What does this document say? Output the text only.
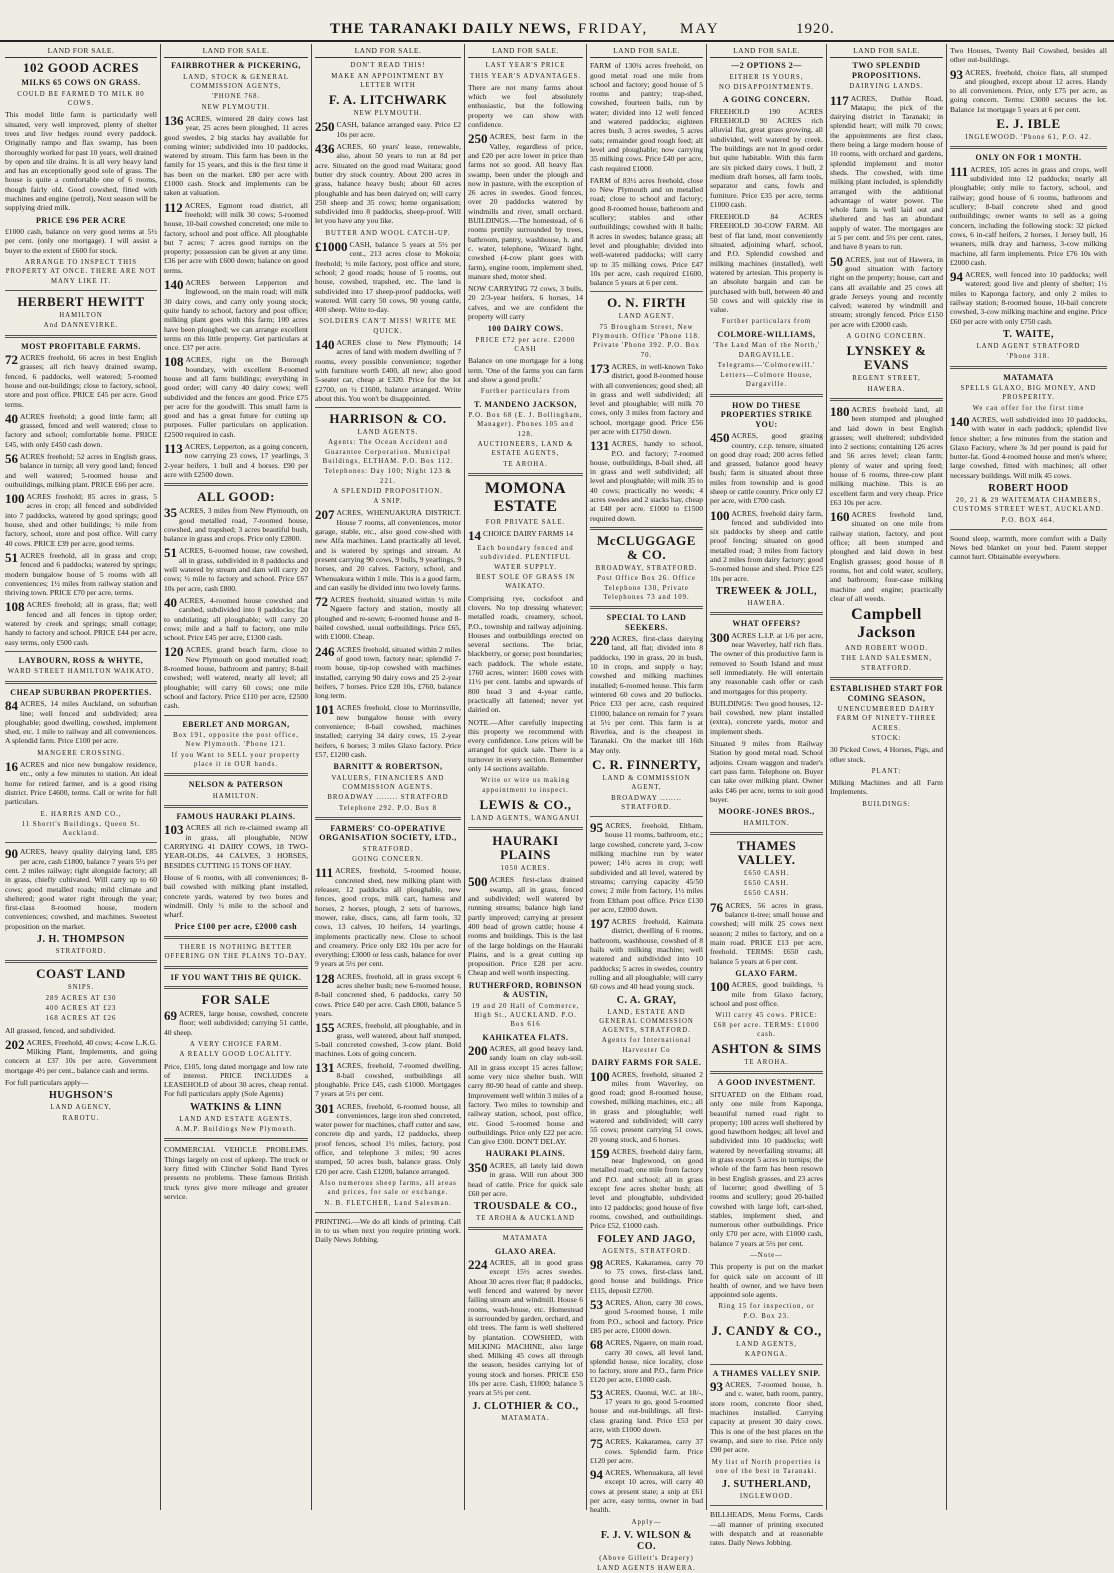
THE TARANAKI DAILY NEWS, FRIDAY, MAY	1920.
LAND FOR SALE.
102 GOOD ACRES
MILKS 65 COWS ON GRASS.
COULD BE FARMED TO MILK 80 COWS.
This model little farm is particularly well situated, very well improved, plenty of shelter trees and live hedges round every paddock. Originally rampo and flax swamp, has been thoroughly worked for past 10 years, well drained by open and tile drains. It is all very heavy land and has an exceptionally good sole of grass. The house is quite a comfortable one of 6 rooms, though fairly old. Good cowshed, fitted with machines and engine (petrol), Next season will be supplying dried milk.
PRICE £96 PER ACRE
£1000 cash, balance on very good terms at 5½ per cent. (only one mortgage). I will assist a buyer to the extent of £600 for stock.
ARRANGE TO INSPECT THIS PROPERTY AT ONCE. THERE ARE NOT MANY LIKE IT.
HERBERT HEWITT
HAMILTON
And DANNEVIRKE.
MOST PROFITABLE FARMS.
72 ACRES freehold, 66 acres in best English grasses; all rich heavy drained swamp, fenced, 6 paddocks, well watered; 5-roomed house and out-buildings; close to factory, school, store and post office. PRICE £45 per acre. Good terms.
40 ACRES freehold; a good little farm; all grassed, fenced and well watered; close to factory and school; comfortable home. PRICE £45, with only £450 cash down.
56 ACRES freehold; 52 acres in English grass, balance in turnip; all very good land; fenced and well watered; 5-roomed house and outbuildings, milking plant. PRICE £66 per acre.
100 ACRES freehold; 85 acres in grass, 5 acres in crop; all fenced and subdivided into 7 paddocks, watered by good springs; good house, shed and other buildings; ½ mile from factory, school, store and post office. Will carry 40 cows. PRICE £39 per acre, good terms.
51 ACRES freehold, all in grass and crop; fenced and 6 paddocks; watered by springs; modern bungalow house of 5 rooms with all conveniences; 1½ miles from railway station and thriving town. PRICE £70 per acre, terms.
108 ACRES freehold; all in grass, flat; well fenced and all fences in tiptop order; watered by creek and springs; small cottage; handy to factory and school. PRICE £44 per acre, easy terms, only £500 cash.
LAYBOURN, ROSS & WHYTE,
WARD STREET HAMILTON WAIKATO.
CHEAP SUBURBAN PROPERTIES.
84 ACRES, 14 miles Auckland, on suburban line; well fenced and subdivided; area ploughable; good dwelling, cowshed, implement shed, etc. 1 mile to railway and all conveniences. A splendid farm. Price £100 per acre.
MANGERE CROSSING.
16 ACRES and nice new bungalow residence, etc., only a few minutes to station. An ideal home for retired farmer, and is a good rising district. Price £4600, terms. Call or write for full particulars.
E. HARRIS AND CO.,
11 Shortt's Buildings, Queen St. Auckland.
90 ACRES, heavy quality dairying land, £85 per acre, cash £1800, balance 7 years 5½ per cent. 2 miles railway; right alongside factory; all in grass, chiefly cultivated. Will carry up to 60 cows; good metalled roads; mild climate and sheltered; good water right through the year; first-class 8-roomed house, modern conveniences; cowshed, and machines. Sweetest proposition on the market.
J. H. THOMPSON
STRATFORD.
COAST LAND
SNIPS.
289 ACRES AT £30
400 ACRES AT £23
168 ACRES AT £26
All grassed, fenced, and subdivided.
202 ACRES, Freehold, 40 cows; 4-cow L.K.G. Milking Plant, Implements, and going concern at £37 10s per acre. Government mortgage 4½ per cent., balance cash and terms.
For full particulars apply—
HUGHSON'S
LAND AGENCY,
RAROTU.
LAND FOR SALE.
FAIRBROTHER & PICKERING,
LAND, STOCK & GENERAL COMMISSION AGENTS,
'PHONE 768.
NEW PLYMOUTH.
136 ACRES, wintered 28 dairy cows last year, 25 acres been ploughed, 11 acres good swedes, 2 big stacks hay available for coming winter; subdivided into 10 paddocks, watered by stream. This farm has been in the family for 15 years, and this is the first time it has been on the market. £80 per acre with £1000 cash. Stock and implements can be taken at valuation.
112 ACRES, Egmont road district, all freehold; will milk 30 cows; 5-roomed house, 10-bail cowshed concreted; one mile to factory, school and post office. All ploughable but 7 acres; 7 acres good turnips on the property; possession can be given at any time. £36 per acre with £600 down; balance on good terms.
140 ACRES between Lepperton and Inglewood, on the main road; will milk 30 dairy cows, and carry only young stock; quite handy to school, factory and post office; milking plant goes with this farm; 100 acres have been ploughed; we can arrange excellent terms on this little property. Get particulars at once. £37 per acre.
108 ACRES, right on the Borough boundary, with excellent 8-roomed house and all farm buildings; everything in good order; will carry 40 dairy cows; well subdivided and the fences are good. Price £75 per acre for the goodwill. This small farm is good and has a great future for cutting up purposes. Fuller particulars on application. £2500 required in cash.
113 ACRES, Lepperton, as a going concern, now carrying 23 cows, 17 yearlings, 3 2-year heifers, 1 bull and 4 horses. £90 per acre with £2500 down.
ALL GOOD:
35 ACRES, 3 miles from New Plymouth, on good metalled road, 7-roomed house, cowshed, and trapshed; 3 acres beautiful bush, balance in grass and crops. Price only £2800.
51 ACRES, 6-roomed house, raw cowshed, all in grass, subdivided in 8 paddocks and well watered by stream and dam will carry 20 cows; ½ mile to factory and school. Price £67 10s per acre, cash £800.
40 ACRES, 4-roomed house cowshed and carshed, subdivided into 8 paddocks; flat to undulating; all ploughable; will carry 20 cows; mile and a half to factory, one mile school. Price £45 per acre, £1300 cash.
120 ACRES, grand beach farm, close to New Plymouth on good metalled road; 8-roomed house, bathroom and pantry; 8-bail cowshed; well watered, nearly all level; all ploughable; will carry 60 cows; one mile school and factory. Price £110 per acre, £2500 cash.
EBERLET AND MORGAN,
Box 191, opposite the post office, New Plymouth. 'Phone 121.
If you Want to SELL your property place it in OUR hands.
NELSON & PATERSON
HAMILTON.
FAMOUS HAURAKI PLAINS.
103 ACRES all rich re-claimed swamp all in grass, all ploughable, NOW CARRYING 41 DAIRY COWS, 18 TWO-YEAR-OLDS, 44 CALVES, 3 HORSES, BESIDES CUTTING 15 TONS OF HAY.
House of 6 rooms, with all conveniences; 8-bail cowshed with milking plant installed, concrete yards, watered by two bores and windmill. Only ½ mile to the school and wharf.
Price £100 per acre, £2000 cash
THERE IS NOTHING BETTER OFFERING ON THE PLAINS TO-DAY.
IF YOU WANT THIS BE QUICK.
FOR SALE
69 ACRES, large house, cowshed, concrete floor; well subdivided; carrying 51 cattle, 40 sheep.
A VERY CHOICE FARM.
A REALLY GOOD LOCALITY.
Price, £105, long dated mortgage and low rate of interest. PRICE INCLUDES a LEASEHOLD of about 30 acres, cheap rental. For full particulars apply (Sole Agents)
WATKINS & LINN
LAND AND ESTATE AGENTS.
A.M.P. Buildings New Plymouth.
COMMERCIAL VEHICLE PROBLEMS. Things largely on cost of upkeep. The truck or lorry fitted with Clincher Solid Band Tyres presents no problems. These famous British truck tyres give more mileage and greater service.
LAND FOR SALE.
DON'T READ THIS!
MAKE AN APPOINTMENT BY LETTER WITH
F. A. LITCHWARK
NEW PLYMOUTH.
250 CASH, balance arranged easy. Price £2 10s per acre.
436 ACRES, 60 years' lease, renewable, also, about 50 years to run at 8d per acre. Situated on the good road Waitara; good butter dry stock country. About 200 acres in grass, balance heavy bush; about 60 acres ploughable and has been dairyed on; will carry 250 sheep and 35 cows; home organisation; subdivided into 8 paddocks, sheep-proof. Will let you have any you like.
BUTTER AND WOOL CATCH-UP.
£1000 CASH, balance 5 years at 5½ per cent., 213 acres close to Mokoia; freehold; ½ mile factory, post office and store, school; 2 good roads; house of 5 rooms, out house, cowshed, trapshed, etc. The land is subdivided into 17 sheep-proof paddocks, well watered. Will carry 50 cows, 90 young cattle, 400 sheep. Write to-day.
SOLDIERS CAN'T MISS! WRITE ME QUICK.
140 ACRES close to New Plymouth; 14 acres of land with modern dwelling of 7 rooms, every possible convenience; together with furniture worth £400, all new; also good 5-seater car, cheap at £320. Price for the lot £2700, on ½ £1600, balance arranged. Write about this. You won't be disappointed.
HARRISON & CO.
LAND AGENTS.
Agents: The Ocean Accident and Guarantee Corporation. Municipal Buildings, ELTHAM. P.O. Box 112.
Telephones: Day 100; Night 123 & 221.
A SPLENDID PROPOSITION.
A SNIP.
207 ACRES, WHENUAKURA DISTRICT. House 7 rooms, all conveniences, motor garage, stable, etc., also good cow-shed with new Alfa machines. Land practically all level, and is watered by springs and stream. At present carrying 90 cows, 9 bulls, 9 yearlings, 9 horses, and 20 calves. Factory, school, and Whenuakura within 1 mile. This is a good farm, and can easily be divided into two lovely farms.
72 ACRES freehold, situated within ½ mile Ngaere factory and station, mostly all ploughed and re-sown; 6-roomed house and 8-bailed cowshed, usual outbuildings. Price £65, with £1000. Cheap.
246 ACRES freehold, situated within 2 miles of good town, factory near; splendid 7-room house, tip-top cowshed with machines installed, carrying 90 dairy cows and 25 2-year heifers, 7 horses. Price £28 10s, £760, balance long term.
101 ACRES freehold, close to Morrinsville, new bungalow house with every convenience; 8-bail cowshed, machines installed; carrying 34 dairy cows, 15 2-year heifers, 6 horses; 3 miles Glaxo factory. Price £57, £1200 cash.
BARNITT & ROBERTSON,
VALUERS, FINANCIERS AND COMMISSION AGENTS.
BROADWAY ........ STRATFORD
Telephone 292. P.O. Box 8
FARMERS' CO-OPERATIVE ORGANISATION SOCIETY, LTD.,
STRATFORD.
GOING CONCERN.
111 ACRES, freehold, 5-roomed house, concreted shed, new milking plant with releaser, 12 paddocks all ploughable, new fences, good crops, milk cart, harness and horses, 2 horses, plough, 2 sets of harrows, mower, rake, discs, cans, all farm tools, 32 cows, 13 calves, 10 heifers, 14 yearlings, implements practically new. Close to school and creamery. Price only £82 10s per acre for everything; £3000 or less cash, balance for over 9 years at 5½ per cent.
128 ACRES, freehold, all in grass except 6 acres shelter bush; new 6-roomed house, 8-bail concreted shed, 6 paddocks, carry 50 cows. Price £40 per acre. Cash £800, balance 5 years.
155 ACRES, freehold, all ploughable, and in grass, well watered, about half stumped, 5-bail concreted cowshed, 3-cow plant. Bold machines. Lots of going concern.
131 ACRES, freehold, 7-roomed dwelling, 8-bail cowshed, outbuildings all ploughable. Price £45, cash £1000. Mortgages 7 years at 5½ per cent.
301 ACRES, freehold, 6-roomed house, all conveniences, large iron shed concreted, water power for machines, chaff cutter and saw, concrete dip and yards, 12 paddocks, sheep proof fences, school 1½ miles, factory, post office, and telephone 3 miles; 90 acres stumped, 50 acres bush, balance grass. Only £20 per acre. Cash £1200, balance arranged.
Also numerous sheep farms, all areas and prices, for sale or exchange.
N. B. FLETCHER, Land Salesman.
PRINTING.—We do all kinds of printing. Call in to us when next you require printing work. Daily News Jobbing.
LAND FOR SALE.
LAST YEAR'S PRICE
THIS YEAR'S ADVANTAGES.
There are not many farms about which we feel absolutely enthusiastic, but the following property we can show with confidence.
250 ACRES, best farm in the Valley, regardless of price, and £20 per acre lower in price than farms not so good. All heavy flax swamp, been under the plough and now in pasture, with the exception of 26 acres in swedes. Good fences, over 20 paddocks watered by windmills and river, small orchard. BUILDINGS.—The homestead, of 6 rooms prettily surrounded by trees, bathroom, pantry, washhouse, h. and c. water, telephone, 'Wizard' light, cowshed (4-cow plant goes with farm), engine room, implement shed, manure shed, motor shed.
NOW CARRYING 72 cows, 3 bulls, 20 2/3-year heifers, 6 horses, 14 calves, and we are confident the property will carry
100 DAIRY COWS.
PRICE £72 per acre. £2000 CASH
Balance on one mortgage for a long term. 'One of the farms you can farm and show a good profit.'
Further particulars from
T. MANDENO JACKSON,
P.O. Box 68 (E. J. Bollingham, Manager). Phones 105 and 128.
AUCTIONEERS, LAND & ESTATE AGENTS,
TE AROHA.
MOMONA ESTATE
FOR PRIVATE SALE.
14 CHOICE DAIRY FARMS 14
Each boundary fenced and subdivided. PLENTIFUL WATER SUPPLY.
BEST SOLE OF GRASS IN WAIKATO.
Comprising rye, cocksfoot and clovers. No top dressing whatever; metalled roads, creamery, school, P.O., township and railway adjoining. Houses and outbuildings erected on several sections. The briar, blackberry, or gorse; post boundaries; each paddock. The whole estate, 1760 acres, winter: 1600 cows with 11½ per cent. lambs and upwards of 800 head 3 and 4-year cattle, practically all fattened; never yet dairied on.
NOTE.—After carefully inspecting this property we recommend with every confidence. Low prices will be arranged for quick sale. There is a turnover in every section. Remember only 14 sections available.
Write or wire us making appointment to inspect.
LEWIS & CO.,
LAND AGENTS, WANGANUI
HAURAKI PLAINS
1050 ACRES.
500 ACRES first-class drained swamp, all in grass, fenced and subdivided; well watered by running streams; balance high land partly improved; carrying at present 400 head of grown cattle; house 4 rooms and buildings. This is the last of the large holdings on the Hauraki Plains, and is a great cutting up proposition. Price £28 per acre. Cheap and well worth inspecting.
RUTHERFORD, ROBINSON & AUSTIN,
19 and 20 Hall of Commerce, High St., AUCKLAND. P.O. Box 616
KAHIKATEA FLATS.
200 ACRES, all good heavy land, sandy loam on clay sub-soil. All in grass except 15 acres fallow; some very nice shelter bush. Will carry 80-90 head of cattle and sheep. Improvement well within 3 miles of a factory. Two miles to township and railway station, school, post office, etc. Good 5-roomed house and outbuildings. Price only £22 per acre. Can give £300. DON'T DELAY.
HAURAKI PLAINS.
350 ACRES, all lately laid down in grass. Will run about 300 head of cattle. Price for quick sale £60 per acre.
TROUSDALE & CO.,
TE AROHA & AUCKLAND
MATAMATA
GLAXO AREA.
224 ACRES, all in good grass except 15½ acres swedes. About 30 acres river flat; 8 paddocks, well fenced and watered by never failing stream and windmill. House 6 rooms, wash-house, etc. Homestead is surrounded by garden, orchard, and old trees. The farm is well sheltered by plantation. COWSHED, with MILKING MACHINE, also large shed. Milking 45 cows all through the season, besides carrying lot of young stock and horses. PRICE £50 10s per acre. Cash, £1000; balance 5 years at 5½ per cent.
J. CLOTHIER & CO.,
MATAMATA.
LAND FOR SALE.
FARM of 130¼ acres freehold, on good metal road one mile from school and factory; good house of 5 rooms and pantry; trap-shed, cowshed, fourteen bails, run by water; divided into 12 well fenced and watered paddocks; eighteen acres bush, 3 acres swedes, 5 acres oats; remainder good rough feed; all level and ploughable; now carrying 35 milking cows. Price £40 per acre, cash required £1000.
FARM of 83½ acres freehold, close to New Plymouth and on metalled road; close to school and factory; good 8-roomed house, bathroom and scullery; stables and other outbuildings; cowshed with 8 bails; 8 acres in swedes; balance grass; all level and ploughable; divided into well-watered paddocks; will carry up to 35 milking cows. Price £47 10s per acre, cash required £1600, balance 5 years at 6 per cent.
O. N. FIRTH
LAND AGENT.
75 Brougham Street, New Plymouth. Office 'Phone 118. Private 'Phone 392. P.O. Box 70.
173 ACRES, in well-known Toko district, good 8-roomed house with all conveniences; good shed; all in grass and well subdivided; all level and ploughable; will milk 70 cows, only 3 miles from factory and school, mortgage good. Price £56 per acre with £1750 down.
131 ACRES, handy to school, P.O. and factory; 7-roomed house, outbuildings, 8-bail shed, all in grass and well subdivided; all level and ploughable; will milk 35 to 40 cows; practically no weeds; 4 acres swedes and 2 stacks hay, cheap at £48 per acre. £1000 to £1500 required down.
McCLUGGAGE & CO.
BROADWAY, STRATFORD.
Post Office Box 26. Office Telephone 130, Private Telephones 73 and 109.
SPECIAL TO LAND SEEKERS.
220 ACRES, first-class dairying land, all flat; divided into 8 paddocks, 190 in grass, 20 in bush, 10 in crops, and supply o hay; cowshed and milking machines installed; 6-roomed house. This farm wintered 60 cows and 20 bullocks. Price £33 per acre, cash required £1000, balance on remain for 7 years at 5½ per cent. This farm is at Riverlea, and is the cheapest in Taranaki. On the market till 16th May only.
C. R. FINNERTY,
LAND & COMMISSION AGENT,
BROADWAY ........ STRATFORD.
95 ACRES, freehold, Eltham, house 11 rooms, bathroom, etc.; large cowshed, concrete yard, 3-cow milking machine run by water power; 14½ acres in crop; well subdivided and all level, watered by streams; carrying capacity 45/50 cows; 2 mile from factory, 1½ miles from Eltham post office. Price £130 per acre, £2000 down.
197 ACRES freehold, Kaimata district, dwelling of 6 rooms, bathroom, washhouse, cowshed of 8 bails with milking machine; well watered and subdivided into 10 paddocks; 5 acres in swedes, country rolling and all ploughable; will carry 60 cows and 40 head young stock.
C. A. GRAY,
LAND, ESTATE AND GENERAL COMMISSION AGENTS, STRATFORD.
Agents for International Harvester Co
DAIRY FARMS FOR SALE.
100 ACRES, freehold, situated 2 miles from Waverley, on good road; good 8-roomed house, cowshed, milking machines, etc.; all in grass and ploughable; well watered and subdivided; will carry 55 cows; present carrying 51 cows, 20 young stock, and 6 horses.
159 ACRES, freehold dairy farm, near Inglewood, on good metalled road; one mile from factory and P.O. and school; all in grass except few acres shelter bush; all level and ploughable, subdivided into 12 paddocks; good house of five rooms, cowshed, and outbuildings. Price £52, £1000 cash.
FOLEY AND JAGO,
AGENTS, STRATFORD.
98 ACRES, Kakaramea, carry 70 to 75 cows, first-class land, good house and buildings. Price £115, deposit £2700.
53 ACRES, Alton, carry 30 cows, good 5-roomed house, 1 mile from P.O., school and factory. Price £85 per acre, £1000 down.
68 ACRES, Ngaere, on main road, carry 30 cows, all level land, splendid house, nice locality, close to factory, store and P.O., farm Price £120 per acre, £1000 cash.
53 ACRES, Oaonui, W.C. at 18/-, 17 years to go, good 5-roomed house and out-buildings, all first-class grazing land. Price £53 per acre, with £1000 down.
75 ACRES, Kakaramea, carry 37 cows. Splendid farm. Price £120 per acre.
94 ACRES, Whenuakura, all level except 10 acres, will carry 40 cows at present state; a snip at £61 per acre, easy terms, owner in bad health.
Apply—
F. J. V. WILSON & CO.
(Above Gillett's Drapery)
LAND AGENTS HAWERA.
LAND FOR SALE.
—2 OPTIONS 2—
EITHER IS YOURS,
NO DISAPPOINTMENTS.
A GOING CONCERN.
FREEHOLD 190 ACRES FREEHOLD 90 ACRES rich alluvial flat, great grass growing, all subdivided, well watered by creek. The buildings are not in good order but quite habitable. With this farm are six picked dairy cows, 1 bull, 2 medium draft horses, all farm tools, separator and cans, fowls and furniture. Price £35 per acre, terms £1000 cash.
FREEHOLD 84 ACRES FREEHOLD 30-COW FARM. All best of flat land, most conveniently situated, adjoining wharf, school, and P.O. Splendid cowshed and milking machines (installed), well watered by artesian. This property is an absolute bargain and can be purchased with bull, between 40 and 50 cows and will quickly rise in value.
Further particulars from
COLMORE-WILLIAMS,
'The Land Man of the North,' DARGAVILLE.
Telegrams—'Colmorewill.'
Letters—Colmore House, Dargaville.
HOW DO THESE PROPERTIES STRIKE YOU:
450 ACRES, good grazing country, c.r.p. tenure, situated on good dray road; 200 acres felled and grassed, balance good heavy bush; farm is situated about three miles from township and is good sheep or cattle country. Price only £2 per acre, with £700 cash.
100 ACRES, freehold dairy farm, fenced and subdivided into six paddocks by sheep and cattle proof fencing; situated on good metalled road; 3 miles from factory and 2 miles from dairy factory; good 5-roomed house and shed. Price £25 10s per acre.
TREWEEK & JOLL,
HAWERA.
WHAT OFFERS?
300 ACRES L.I.P. at 1/6 per acre, near Waverley, half rich flats. The owner of this productive farm is removed to South Island and must sell immediately. He will entertain any reasonable cash offer or cash and mortgages for this property.
BUILDINGS: Two good houses, 12-bail cowshed, new plant installed (extra), concrete yards, motor and implement sheds.
Situated 9 miles from Railway Station by good metal road. School adjoins. Cream waggon and trader's cart pass farm. Telephone on. Buyer can take over milking plant. Owner asks £46 per acre, terms to suit good buyer.
MOORE-JONES BROS.,
HAMILTON.
THAMES VALLEY.
£650 CASH.
£650 CASH.
£650 CASH.
76 ACRES, 56 acres in grass, balance ti-tree; small house and cowshed; will milk 25 cows next season; 2 miles to factory, and on a main road. PRICE £13 per acre, freehold. TERMS: £650 cash, balance 5 years at 6 per cent.
GLAXO FARM.
100 ACRES, good buildings, ½ mile from Glaxo factory, school and post office.
Will carry 45 cows. PRICE: £68 per acre. TERMS: £1000 cash.
ASHTON & SIMS
TE AROHA.
A GOOD INVESTMENT.
SITUATED on the Eltham road, only one mile from Kaponga, beautiful turned road right to property; 100 acres well sheltered by good hawthorn hedges; all level and subdivided into 10 paddocks; well watered by neverfailing streams; all in grass except 5 acres in turnips; the whole of the farm has been resown in best English grasses, and 23 acres of lucerne; good dwelling of 5 rooms and scullery; good 20-bailed cowshed with large loft, cart-shed, stables, implement shed, and numerous other outbuildings. Price only £70 per acre, with £1000 cash, balance 7 years at 5½ per cent.
—Note—
This property is put on the market for quick sale on account of ill health of owner, and we have been appointed sole agents.
Ring 15 for inspection, or P.O. Box 23.
J. CANDY & CO.,
LAND AGENTS,
KAPONGA.
A THAMES VALLEY SNIP.
93 ACRES, 7-roomed house, h. and c. water, bath room, pantry, store room, concrete floor shed, machines installed. Carrying capacity at present 30 dairy cows. This is one of the best places on the swamp, and sure to rise. Price only £90 per acre.
My list of North properties is one of the best in Taranaki.
J. SUTHERLAND,
INGLEWOOD.
BILLHEADS, Menu Forms, Cards—all manner of printing executed with despatch and at reasonable rates. Daily News Jobbing.
LAND FOR SALE.
TWO SPLENDID PROPOSITIONS.
DAIRYING LANDS.
117 ACRES, Duthie Road, Matapu; the pick of the dairying district in Taranaki; in splendid heart; will milk 70 cows; the appointments are first class, there being a large modern house of 10 rooms, with orchard and gardens, splendid implement and motor sheds. The cowshed, with time milking plant included, is splendidly arranged with the additional advantage of water power. The whole farm is well laid out and sheltered and has an abundant supply of water. The mortgages are at 5 per cent. and 5½ per cent. rates, and have 8 years to run.
50 ACRES, just out of Hawera, in good situation with factory right on the property; house, cart and cans all available and 25 cows all grade Jerseys young and recently calved; watered by windmill and stream; strongly fenced. Price £150 per acre with £2000 cash.
A GOING CONCERN.
LYNSKEY & EVANS
REGENT STREET,
HAWERA.
180 ACRES freehold land, all been stumped and ploughed and laid down in best English grasses; well sheltered; subdivided into 2 sections; containing 126 acres and 56 acres level; clean farm; plenty of water and spring feed; house of 6 rooms, three-cow plant milking machine. This is an excellent farm and very cheap. Price £63 10s per acre.
160 ACRES freehold land, situated on one mile from railway station, factory, and post office; all been stumped and ploughed and laid down in best English grasses; good house of 8 rooms, hot and cold water, scullery, and bathroom; four-case milking machine and engine; practically clear of all weeds.
Campbell Jackson
AND ROBERT WOOD.
THE LAND SALESMEN, STRATFORD.
ESTABLISHED START FOR COMING SEASON,
UNENCUMBERED DAIRY FARM OF NINETY-THREE ACRES.
STOCK:
30 Picked Cows, 4 Horses, Pigs, and other stock.
PLANT:
Milking Machines and all Farm Implements.
BUILDINGS:
Two Houses, Twenty Bail Cowshed, besides all other out-buildings.
93 ACRES, freehold, choice flats, all stumped and ploughed, except about 12 acres. Handy to all conveniences. Price, only £75 per acre, as going concern. Terms: £3000 secures the lot. Balance 1st mortgage 5 years at 6 per cent.
E. J. IBLE
INGLEWOOD. 'Phone 61, P.O. 42.
ONLY ON FOR 1 MONTH.
111 ACRES, 105 acres in grass and crops, well subdivided into 12 paddocks; nearly all ploughable; only mile to factory, school, and railway; good house of 6 rooms, bathroom and scullery; 8-bail concrete shed and good outbuildings; owner wants to sell as a going concern, including the following stock: 32 picked cows, 6 in-calf heifers, 2 horses, 1 Jersey bull, 16 weaners, milk dray and harness, 3-cow milking machine, all farm implements. Price £76 10s with £2000 cash.
94 ACRES, well fenced into 10 paddocks; well watered; good live and plenty of shelter; 1½ miles to Kaponga factory, and only 2 miles to railway station; 8-roomed house, 10-bail concrete cowshed, 3-cow milking machine and engine. Price £60 per acre with only £750 cash.
T. WAITE,
LAND AGENT STRATFORD
'Phone 318.
MATAMATA
SPELLS GLAXO, BIG MONEY, AND PROSPERITY.
We can offer for the first time
140 ACRES, well subdivided into 10 paddocks, with water in each paddock; splendid live fence shelter; a few minutes from the station and Glaxo Factory, where 3s 3d per pound is paid for butter-fat. Good 4-roomed house and men's where; large cowshed, fitted with machines; all other necessary buildings. Will milk 45 cows.
ROBERT HOOD
20, 21 & 29 WAITEMATA CHAMBERS, CUSTOMS STREET WEST, AUCKLAND.
P.O. BOX 464.
Sound sleep, warmth, more comfort with a Daily News bed blanket on your bed. Patent stepper cannot hurt. Obtainable everywhere.
